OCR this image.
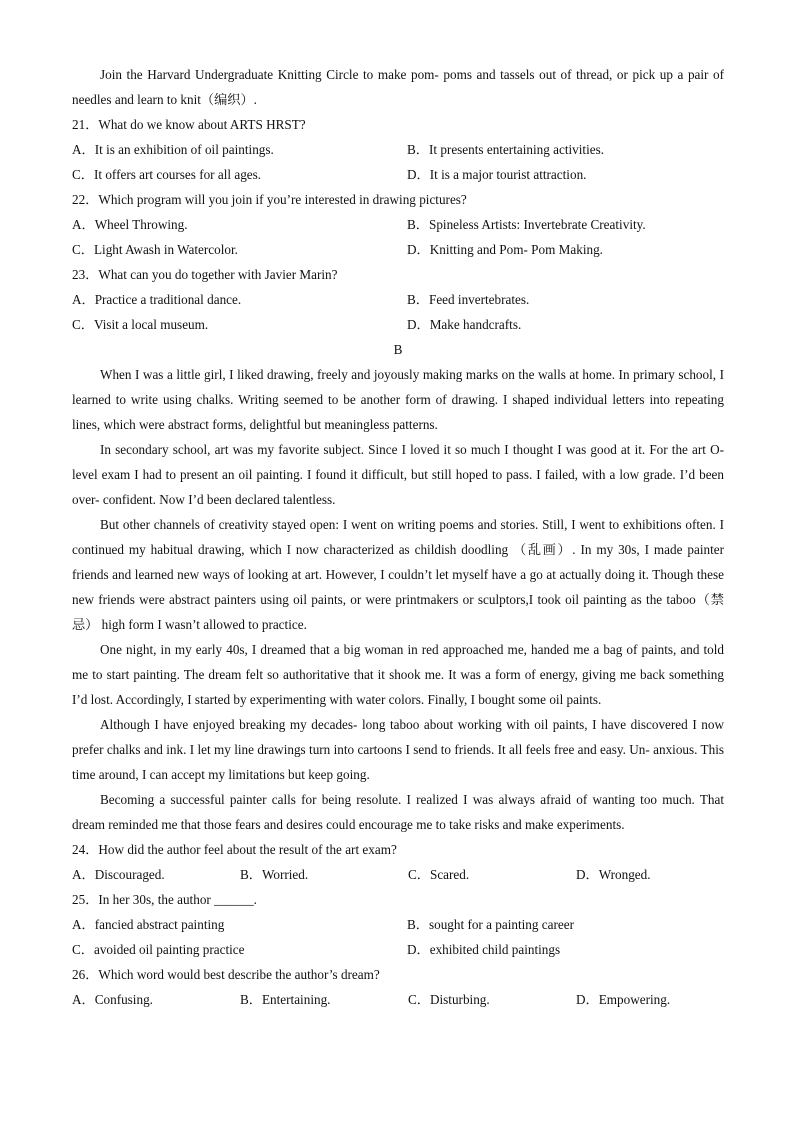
Join the Harvard Undergraduate Knitting Circle to make pom- poms and tassels out of thread, or pick up a pair of needles and learn to knit（编织）.

21．What do we know about ARTS HRST?

A．It is an exhibition of oil paintings.	B．It presents entertaining activities.
C．It offers art courses for all ages.	D．It is a major tourist attraction.

22．Which program will you join if you’re interested in drawing pictures?

A．Wheel Throwing.	B．Spineless Artists: Invertebrate Creativity.
C．Light Awash in Watercolor.	D．Knitting and Pom- Pom Making.

23．What can you do together with Javier Marin?

A．Practice a traditional dance.	B．Feed invertebrates.
C．Visit a local museum.	D．Make handcrafts.

B

When I was a little girl, I liked drawing, freely and joyously making marks on the walls at home. In primary school, I learned to write using chalks. Writing seemed to be another form of drawing. I shaped individual letters into repeating lines, which were abstract forms, delightful but meaningless patterns.

In secondary school, art was my favorite subject. Since I loved it so much I thought I was good at it. For the art O- level exam I had to present an oil painting. I found it difficult, but still hoped to pass. I failed, with a low grade. I’d been over- confident. Now I’d been declared talentless.

But other channels of creativity stayed open: I went on writing poems and stories. Still, I went to exhibitions often. I continued my habitual drawing, which I now characterized as childish doodling （乱画）. In my 30s, I made painter friends and learned new ways of looking at art. However, I couldn’t let myself have a go at actually doing it. Though these new friends were abstract painters using oil paints, or were printmakers or sculptors,I took oil painting as the taboo（禁忌） high form I wasn’t allowed to practice.

One night, in my early 40s, I dreamed that a big woman in red approached me, handed me a bag of paints, and told me to start painting. The dream felt so authoritative that it shook me. It was a form of energy, giving me back something I’d lost. Accordingly, I started by experimenting with water colors. Finally, I bought some oil paints.

Although I have enjoyed breaking my decades- long taboo about working with oil paints, I have discovered I now prefer chalks and ink. I let my line drawings turn into cartoons I send to friends. It all feels free and easy. Un- anxious. This time around, I can accept my limitations but keep going.

Becoming a successful painter calls for being resolute. I realized I was always afraid of wanting too much. That dream reminded me that those fears and desires could encourage me to take risks and make experiments.

24．How did the author feel about the result of the art exam?

A．Discouraged.	B．Worried.	C．Scared.	D．Wronged.

25．In her 30s, the author ______.

A．fancied abstract painting	B．sought for a painting career
C．avoided oil painting practice	D．exhibited child paintings

26．Which word would best describe the author’s dream?

A．Confusing.	B．Entertaining.	C．Disturbing.	D．Empowering.
